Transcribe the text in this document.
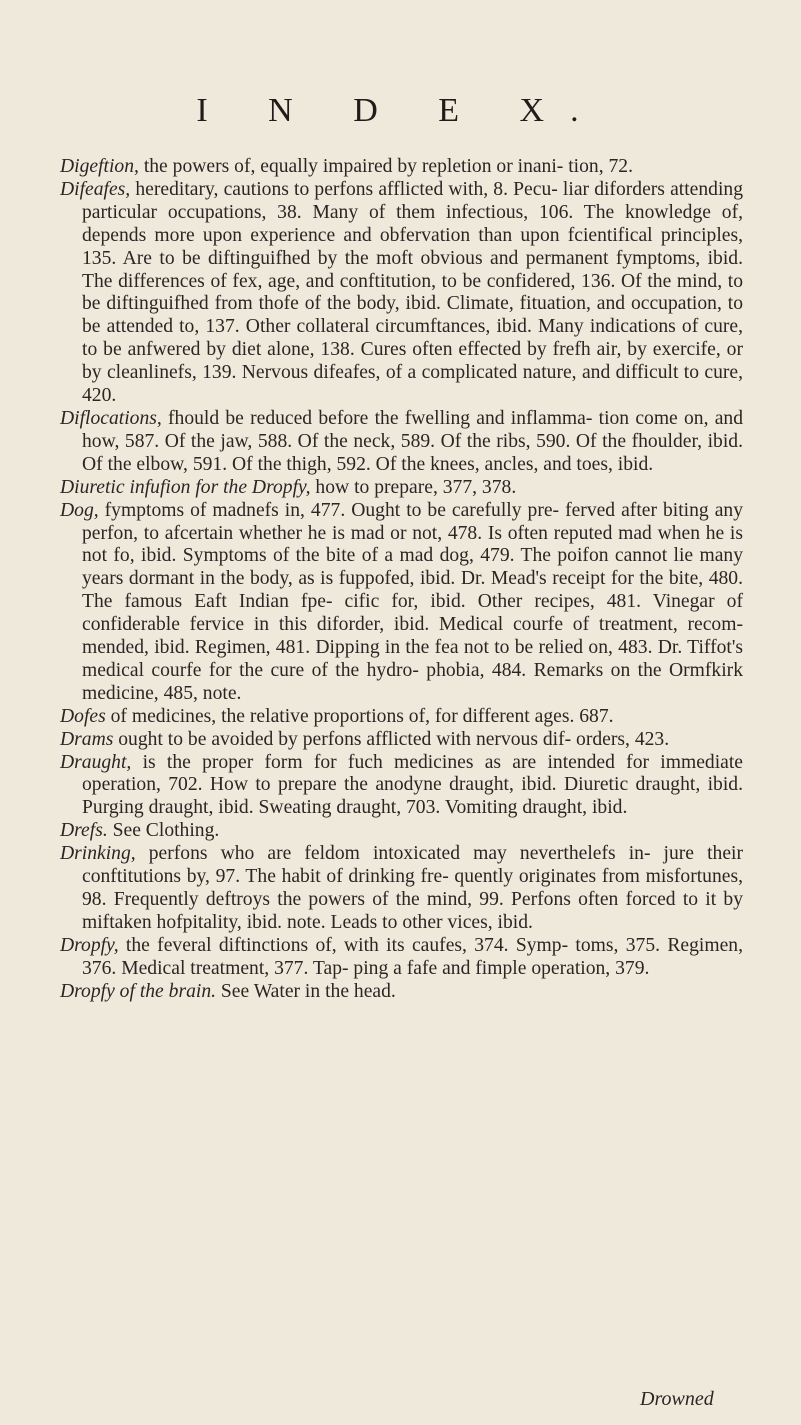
I N D E X.

Digeftion, the powers of, equally impaired by repletion or inani- tion, 72.

Difeafes, hereditary, cautions to perfons afflicted with, 8. Pecu- liar diforders attending particular occupations, 38. Many of them infectious, 106. The knowledge of, depends more upon experience and obfervation than upon fcientifical principles, 135. Are to be diftinguifhed by the moft obvious and permanent fymptoms, ibid. The differences of fex, age, and conftitution, to be confidered, 136. Of the mind, to be diftinguifhed from thofe of the body, ibid. Climate, fituation, and occupation, to be attended to, 137. Other collateral circumftances, ibid. Many indications of cure, to be anfwered by diet alone, 138. Cures often effected by frefh air, by exercife, or by cleanlinefs, 139. Nervous difeafes, of a complicated nature, and difficult to cure, 420.

Diflocations, fhould be reduced before the fwelling and inflamma- tion come on, and how, 587. Of the jaw, 588. Of the neck, 589. Of the ribs, 590. Of the fhoulder, ibid. Of the elbow, 591. Of the thigh, 592. Of the knees, ancles, and toes, ibid.

Diuretic infufion for the Dropfy, how to prepare, 377, 378.

Dog, fymptoms of madnefs in, 477. Ought to be carefully pre- ferved after biting any perfon, to afcertain whether he is mad or not, 478. Is often reputed mad when he is not fo, ibid. Symptoms of the bite of a mad dog, 479. The poifon cannot lie many years dormant in the body, as is fuppofed, ibid. Dr. Mead's receipt for the bite, 480. The famous Eaft Indian fpe- cific for, ibid. Other recipes, 481. Vinegar of confiderable fervice in this diforder, ibid. Medical courfe of treatment, recom- mended, ibid. Regimen, 481. Dipping in the fea not to be relied on, 483. Dr. Tiffot's medical courfe for the cure of the hydro- phobia, 484. Remarks on the Ormfkirk medicine, 485, note.

Dofes of medicines, the relative proportions of, for different ages. 687.

Drams ought to be avoided by perfons afflicted with nervous dif- orders, 423.

Draught, is the proper form for fuch medicines as are intended for immediate operation, 702. How to prepare the anodyne draught, ibid. Diuretic draught, ibid. Purging draught, ibid. Sweating draught, 703. Vomiting draught, ibid.

Drefs. See Clothing.

Drinking, perfons who are feldom intoxicated may neverthelefs in- jure their conftitutions by, 97. The habit of drinking fre- quently originates from misfortunes, 98. Frequently deftroys the powers of the mind, 99. Perfons often forced to it by miftaken hofpitality, ibid. note. Leads to other vices, ibid.

Dropfy, the feveral diftinctions of, with its caufes, 374. Symp- toms, 375. Regimen, 376. Medical treatment, 377. Tap- ping a fafe and fimple operation, 379.

Dropfy of the brain. See Water in the head.

Drowned
